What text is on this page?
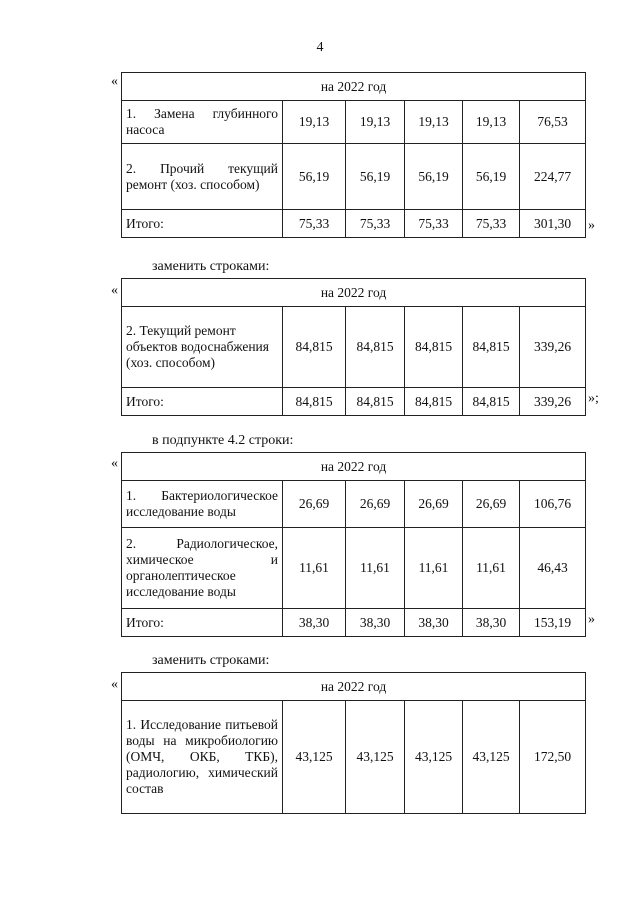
4
«	на 2022 год					
1. Замена глубинного насоса	19,13	19,13	19,13	19,13	76,53
2. Прочий текущий ремонт (хоз. способом)	56,19	56,19	56,19	56,19	224,77
Итого:	75,33	75,33	75,33	75,33	301,30 »
заменить строками:
«	на 2022 год					
2. Текущий ремонт объектов водоснабжения (хоз. способом)	84,815	84,815	84,815	84,815	339,26
Итого:	84,815	84,815	84,815	84,815	339,26 »;
в подпункте 4.2 строки:
«	на 2022 год					
1. Бактериологическое исследование воды	26,69	26,69	26,69	26,69	106,76
2. Радиологическое, химическое и органолептическое исследование воды	11,61	11,61	11,61	11,61	46,43
Итого:	38,30	38,30	38,30	38,30	153,19 »
заменить строками:
«	на 2022 год
1. Исследование питьевой воды на микробиологию (ОМЧ, ОКБ, ТКБ), радиологию, химический состав	43,125	43,125	43,125	43,125	172,50
